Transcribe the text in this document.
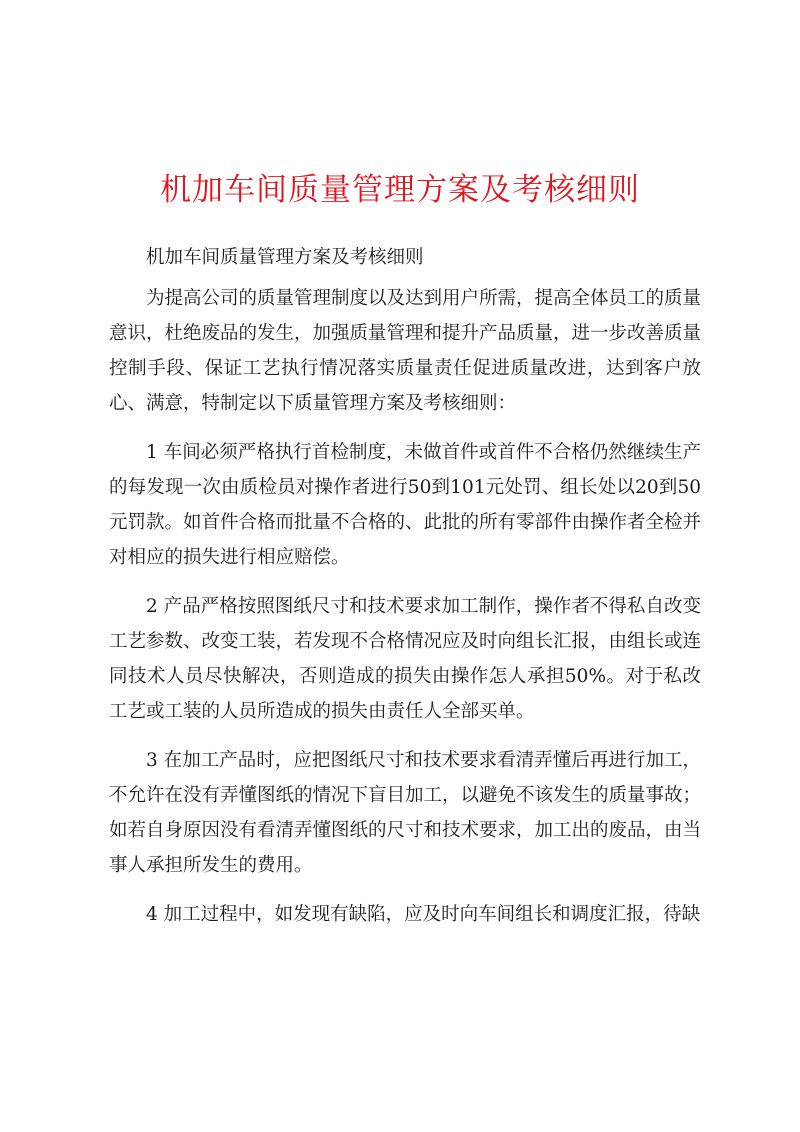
机加车间质量管理方案及考核细则

机加车间质量管理方案及考核细则

为提高公司的质量管理制度以及达到用户所需，提高全体员工的质量意识，杜绝废品的发生，加强质量管理和提升产品质量，进一步改善质量控制手段、保证工艺执行情况落实质量责任促进质量改进，达到客户放心、满意，特制定以下质量管理方案及考核细则：

1 车间必须严格执行首检制度，未做首件或首件不合格仍然继续生产的每发现一次由质检员对操作者进行50到101元处罚、组长处以20到50元罚款。如首件合格而批量不合格的、此批的所有零部件由操作者全检并对相应的损失进行相应赔偿。

2 产品严格按照图纸尺寸和技术要求加工制作，操作者不得私自改变工艺参数、改变工装，若发现不合格情况应及时向组长汇报，由组长或连同技术人员尽快解决，否则造成的损失由操作怎人承担50%。对于私改工艺或工装的人员所造成的损失由责任人全部买单。

3 在加工产品时，应把图纸尺寸和技术要求看清弄懂后再进行加工，不允许在没有弄懂图纸的情况下盲目加工，以避免不该发生的质量事故；如若自身原因没有看清弄懂图纸的尺寸和技术要求，加工出的废品，由当事人承担所发生的费用。

4 加工过程中，如发现有缺陷，应及时向车间组长和调度汇报，待缺
